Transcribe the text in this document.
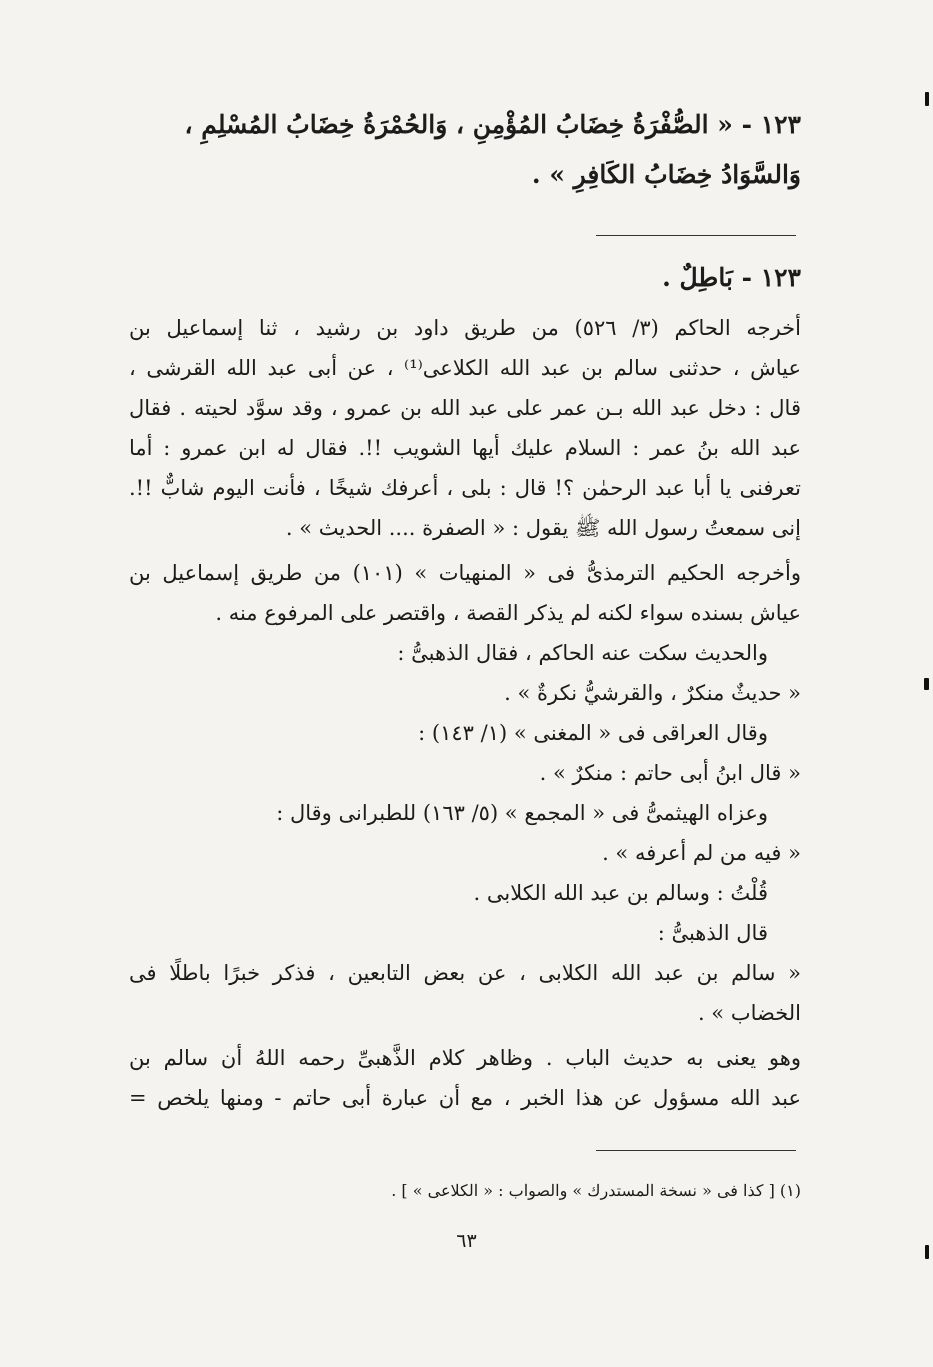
١٢٣ - « الصُّفْرَةُ خِضَابُ المُؤْمِنِ ، وَالحُمْرَةُ خِضَابُ المُسْلِمِ ،
وَالسَّوَادُ خِضَابُ الكَافِرِ » .
١٢٣ - بَاطِلٌ .
أخرجه الحاكم (٣/ ٥٢٦) من طريق داود بن رشيد ، ثنا إسماعيل بن
عياش ، حدثنى سالم بن عبد الله الكلاعى⁽¹⁾ ، عن أبى عبد الله القرشى ،
قال : دخل عبد الله بـن عمر على عبد الله بن عمرو ، وقد سوَّد لحيته . فقال
عبد الله بنُ عمر : السلام عليك أيها الشويب !!. فقال له ابن عمرو : أما
تعرفنى يا أبا عبد الرحمٰن ؟! قال : بلى ، أعرفك شيخًا ، فأنت اليوم شابٌّ !!.
إنى سمعتُ رسول الله ﷺ يقول : « الصفرة .... الحديث » .
وأخرجه الحكيم الترمذىُّ فى « المنهيات » (١٠١) من طريق إسماعيل بن
عياش بسنده سواء لكنه لم يذكر القصة ، واقتصر على المرفوع منه .
والحديث سكت عنه الحاكم ، فقال الذهبىُّ :
« حديثٌ منكرٌ ، والقرشيُّ نكرةٌ » .
وقال العراقى فى « المغنى » (١/ ١٤٣) :
« قال ابنُ أبى حاتم : منكرٌ » .
وعزاه الهيثمىُّ فى « المجمع » (٥/ ١٦٣) للطبرانى وقال :
« فيه من لم أعرفه » .
قُلْتُ : وسالم بن عبد الله الكلابى .
قال الذهبىُّ :
« سالم بن عبد الله الكلابى ، عن بعض التابعين ، فذكر خبرًا باطلًا فى
الخضاب » .
وهو يعنى به حديث الباب . وظاهر كلام الذَّهبىِّ رحمه اللهُ أن سالم بن
عبد الله مسؤول عن هذا الخبر ، مع أن عبارة أبى حاتم - ومنها يلخص =
(١) [ كذا فى « نسخة المستدرك » والصواب : « الكلاعى » ] .
٦٣
